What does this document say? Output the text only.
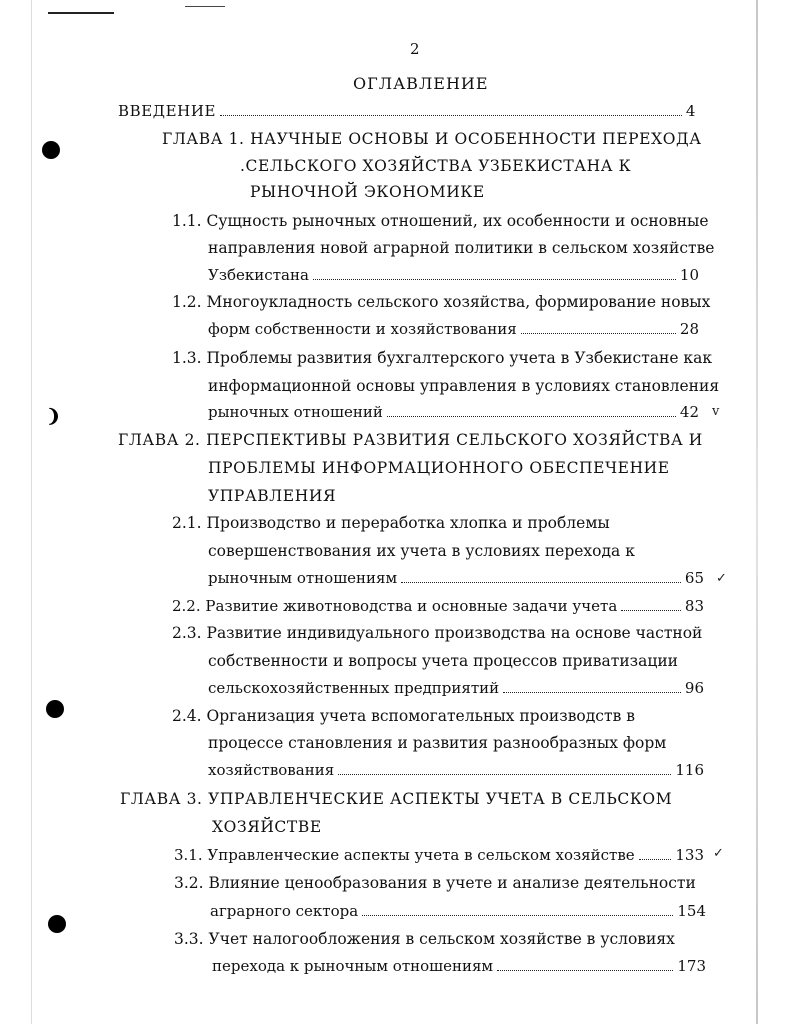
❩
2
ОГЛАВЛЕНИЕ
ВВЕДЕНИЕ	4
ГЛАВА 1. НАУЧНЫЕ ОСНОВЫ И ОСОБЕННОСТИ ПЕРЕХОДА
.СЕЛЬСКОГО ХОЗЯЙСТВА УЗБЕКИСТАНА К
РЫНОЧНОЙ ЭКОНОМИКЕ
1.1. Сущность рыночных отношений, их особенности и основные
направления новой аграрной политики в сельском хозяйстве
Узбекистана	10
1.2. Многоукладность сельского хозяйства, формирование новых
форм собственности и хозяйствования	28
1.3. Проблемы развития бухгалтерского учета в Узбекистане как
информационной основы управления в условиях становления
рыночных отношений	42 v
ГЛАВА 2. ПЕРСПЕКТИВЫ РАЗВИТИЯ СЕЛЬСКОГО ХОЗЯЙСТВА И
ПРОБЛЕМЫ ИНФОРМАЦИОННОГО ОБЕСПЕЧЕНИЕ
УПРАВЛЕНИЯ
2.1. Производство и переработка хлопка и проблемы
совершенствования их учета в условиях перехода к
рыночным отношениям	65 ✓
2.2.
Развитие животноводства и основные задачи учета	83
2.3. Развитие индивидуального производства на основе частной
собственности и вопросы учета процессов приватизации
сельскохозяйственных предприятий	96
2.4. Организация учета вспомогательных производств в
процессе становления и развития разнообразных форм
хозяйствования	116
ГЛАВА 3. УПРАВЛЕНЧЕСКИЕ АСПЕКТЫ УЧЕТА В СЕЛЬСКОМ
ХОЗЯЙСТВЕ
3.1.
Управленческие аспекты учета в сельском хозяйстве	133 ✓
3.2. Влияние ценообразования в учете и анализе деятельности
аграрного сектора	154
3.3. Учет налогообложения в сельском хозяйстве в условиях
перехода к рыночным отношениям	173
